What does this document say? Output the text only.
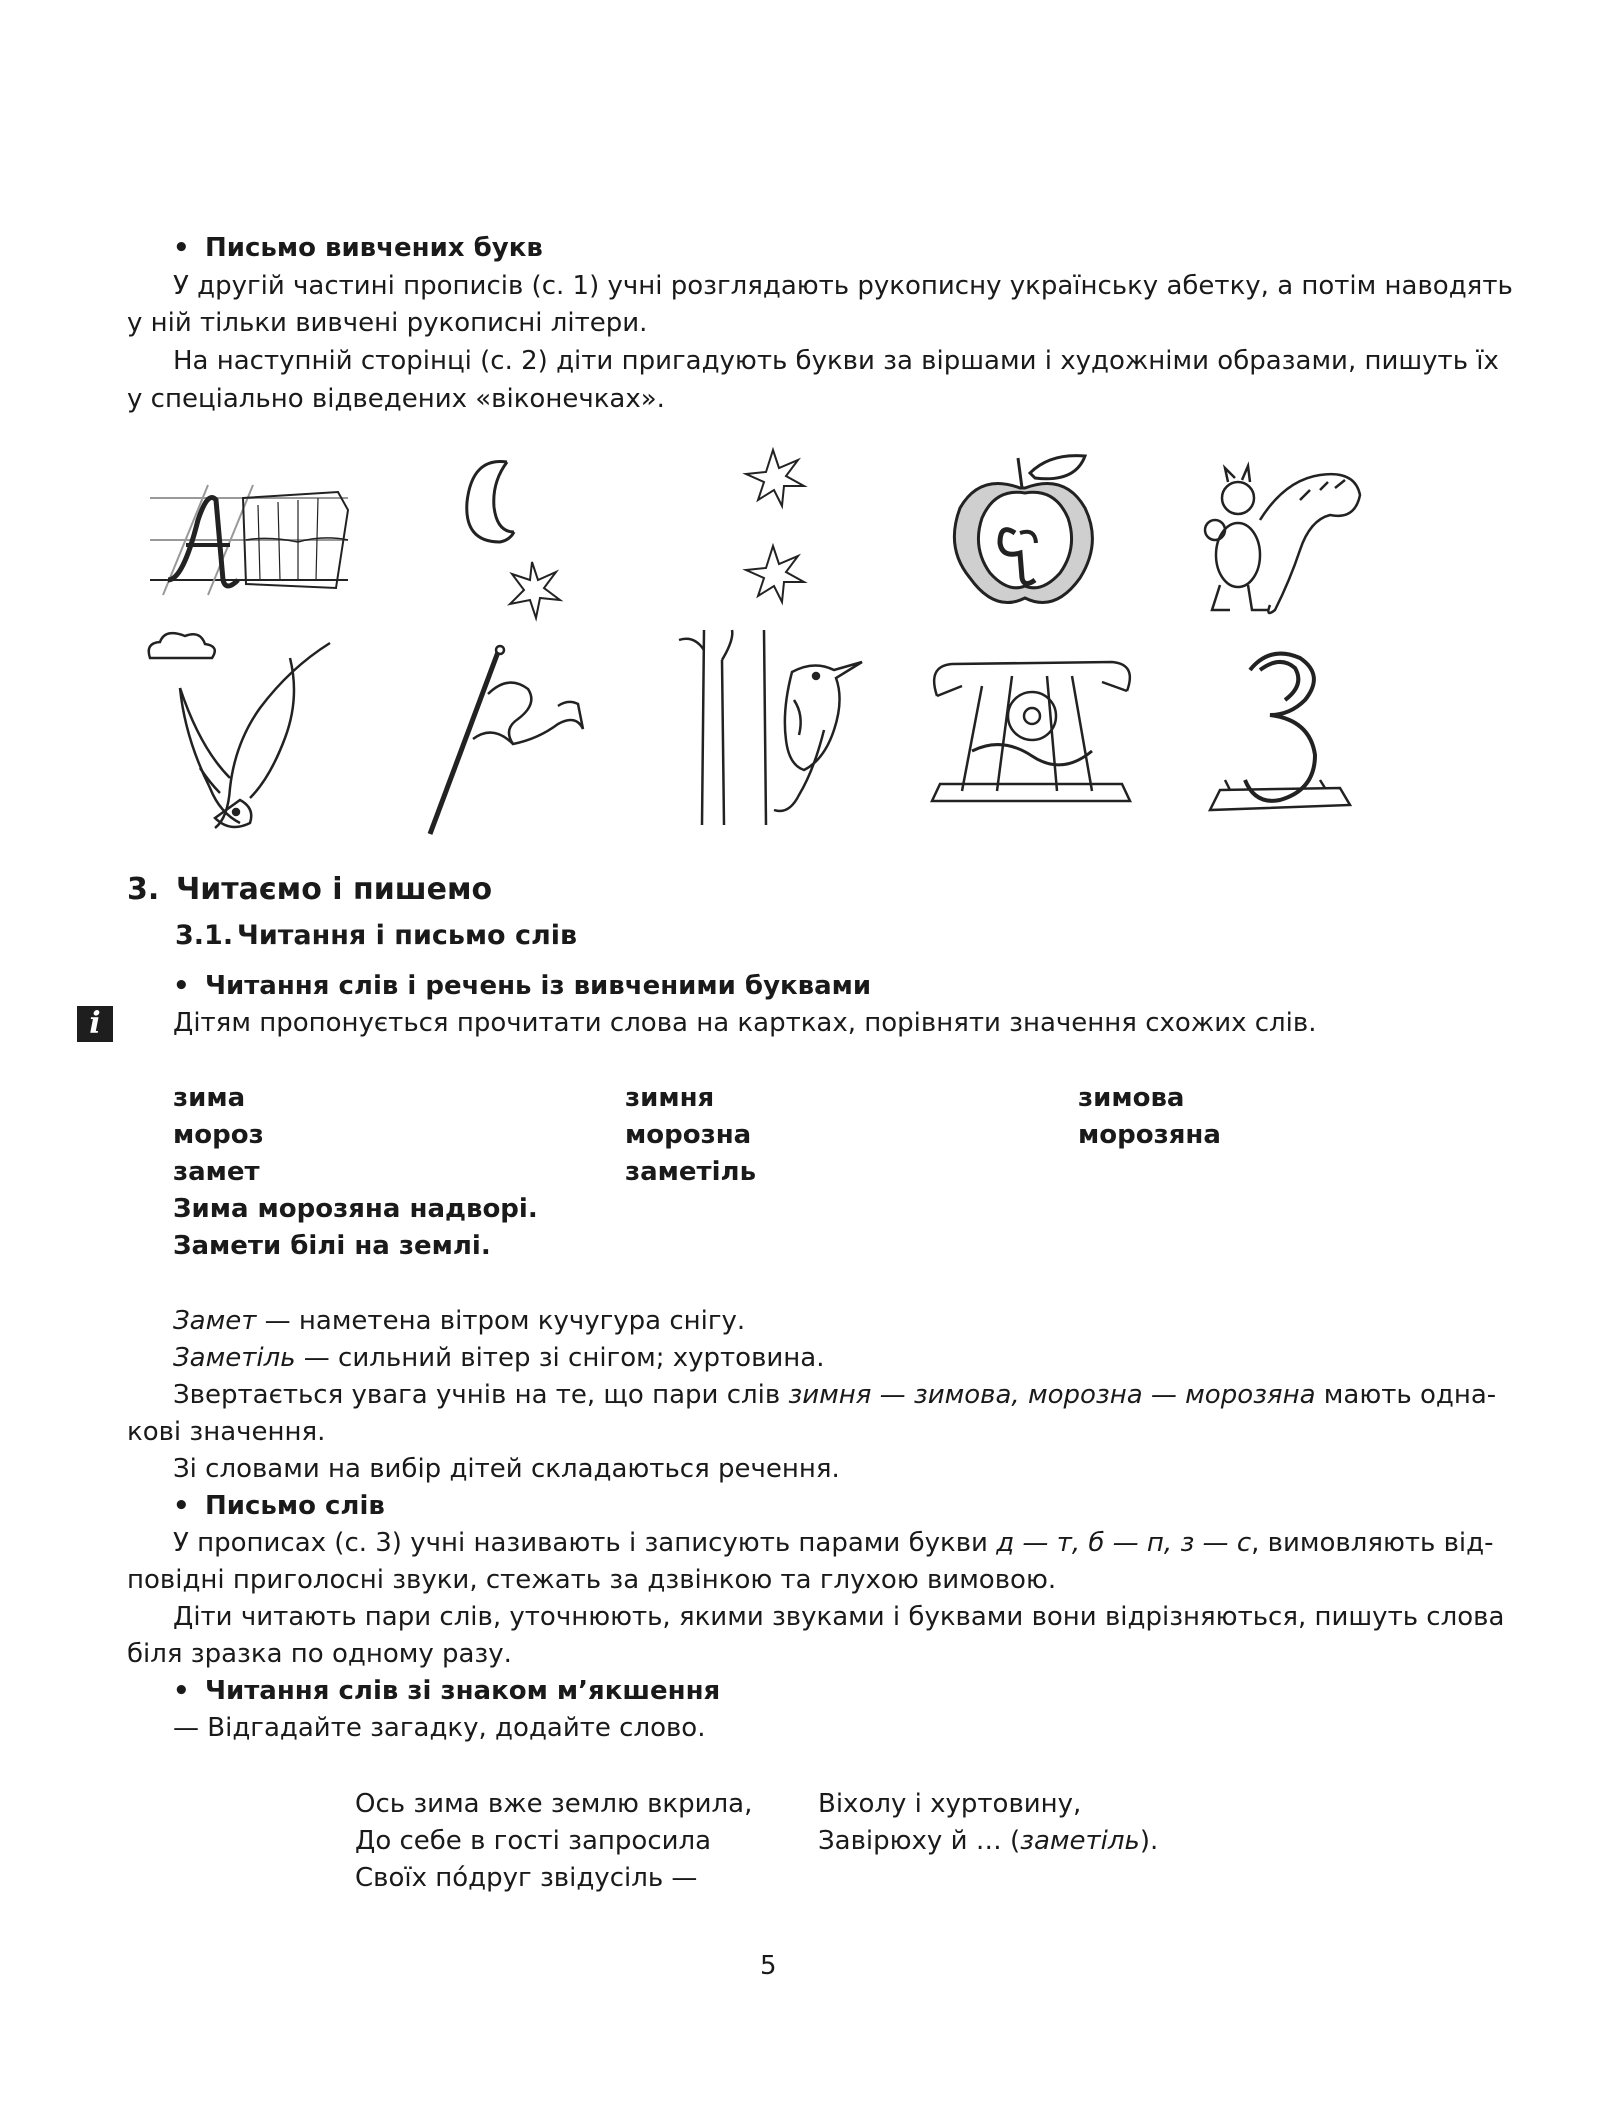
• Письмо вивчених букв
У другій частині прописів (с. 1) учні розглядають рукописну українську абетку, а потім наводять
у ній тільки вивчені рукописні літери.
На наступній сторінці (с. 2) діти пригадують букви за віршами і художніми образами, пишуть їх
у спеціально відведених «віконечках».
3. Читаємо і пишемо
3.1. Читання і письмо слів
• Читання слів і речень із вивченими буквами
i	Дітям пропонується прочитати слова на картках, порівняти значення схожих слів.
зима
мороз
замет
зимня
морозна
заметіль
зимова
морозяна
Зима морозяна надворі.
Замети білі на землі.
Замет — наметена вітром кучугура снігу.
Заметіль — сильний вітер зі снігом; хуртовина.
Звертається увага учнів на те, що пари слів зимня — зимова, морозна — морозяна мають одна-
кові значення.
Зі словами на вибір дітей складаються речення.
• Письмо слів
У прописах (с. 3) учні називають і записують парами букви д — т, б — п, з — с, вимовляють від-
повідні приголосні звуки, стежать за дзвінкою та глухою вимовою.
Діти читають пари слів, уточнюють, якими звуками і буквами вони відрізняються, пишуть слова
біля зразка по одному разу.
• Читання слів зі знаком м’якшення
— Відгадайте загадку, додайте слово.
Ось зима вже землю вкрила,
До себе в гості запросила
Своїх пóдруг звідусіль —
Віхолу і хуртовину,
Завірюху й … (заметіль).
5
